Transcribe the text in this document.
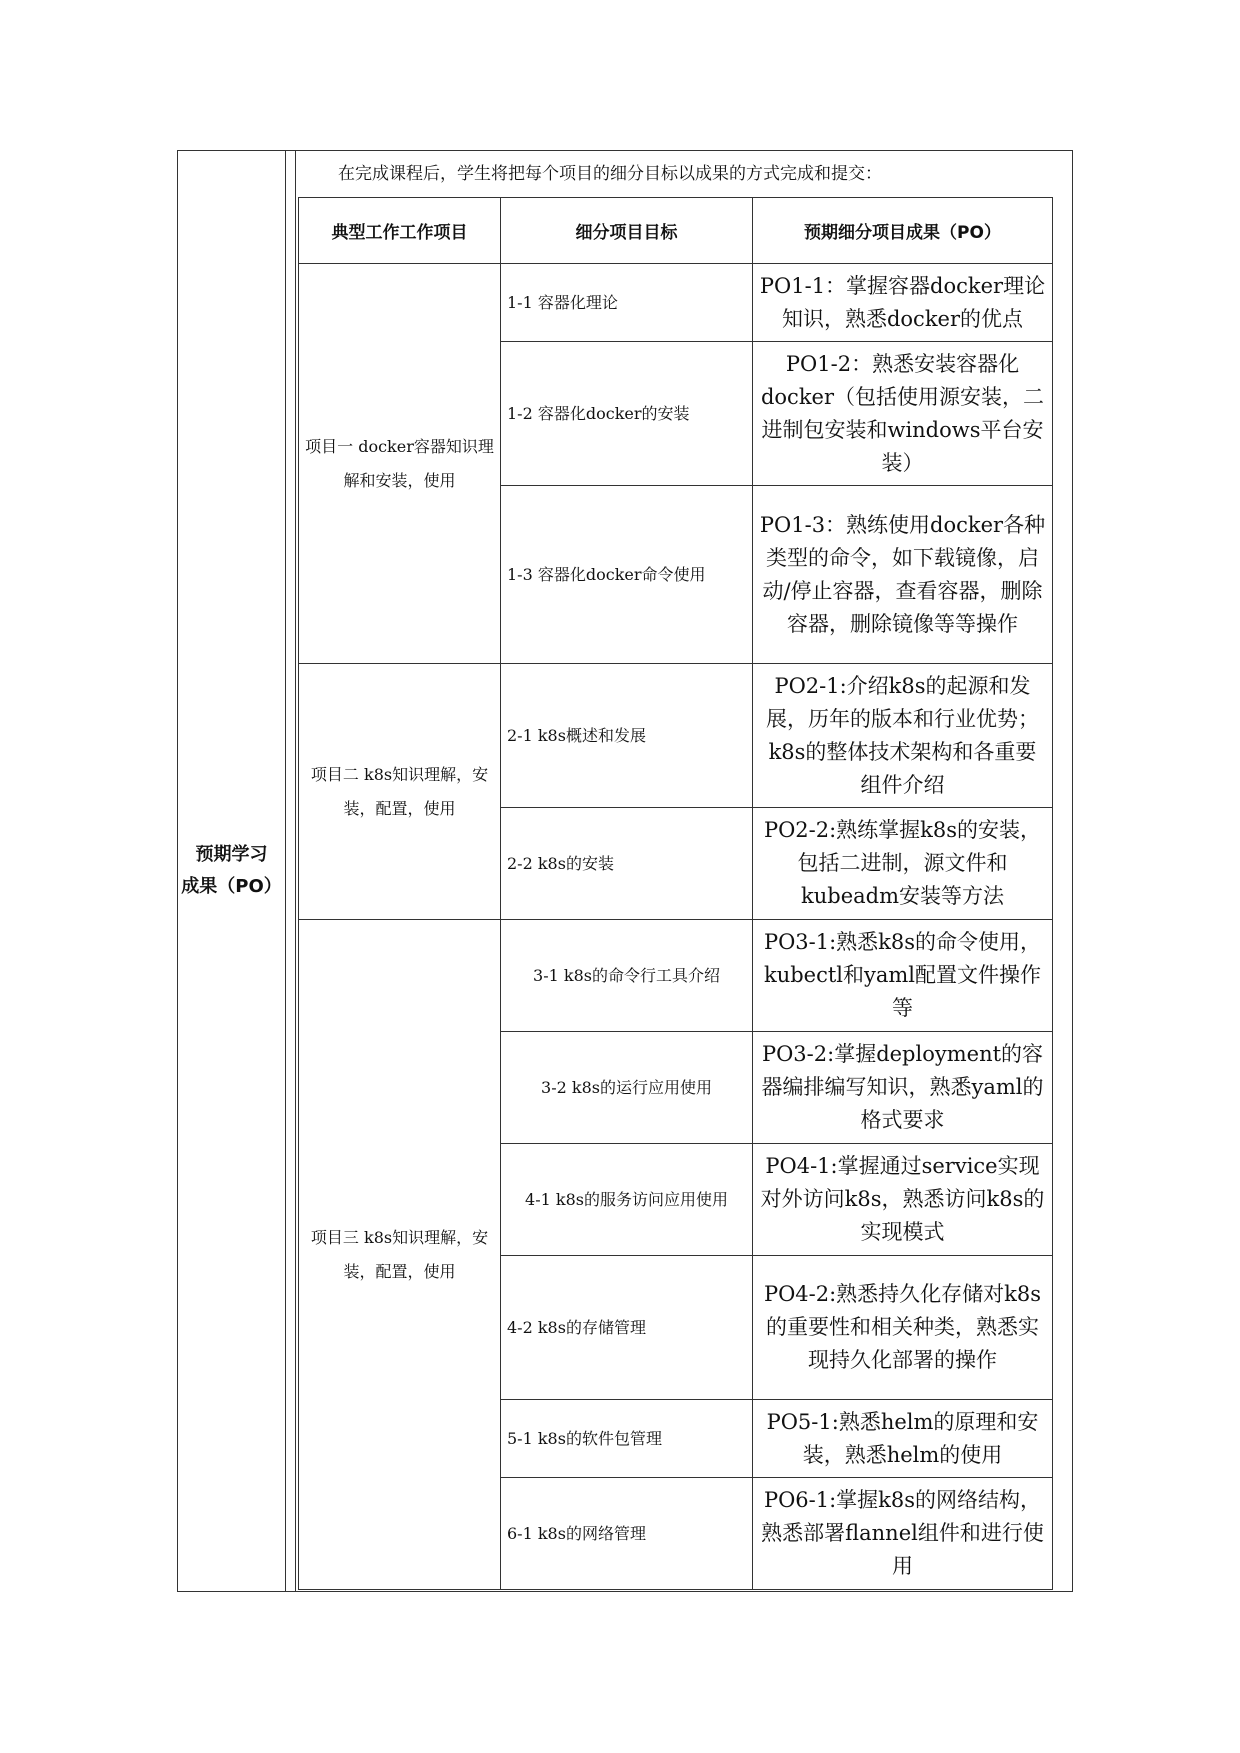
预期学习
成果（PO）
在完成课程后，学生将把每个项目的细分目标以成果的方式完成和提交：
典型工作工作项目	细分项目目标	预期细分项目成果（PO）
项目一 docker容器知识理解和安装，使用	1-1 容器化理论	PO1-1：掌握容器docker理论知识，熟悉docker的优点
	1-2 容器化docker的安装	PO1-2：熟悉安装容器化docker（包括使用源安装，二进制包安装和windows平台安装）
	1-3 容器化docker命令使用	PO1-3：熟练使用docker各种类型的命令，如下载镜像，启动/停止容器，查看容器，删除容器，删除镜像等等操作
项目二 k8s知识理解，安装，配置，使用	2-1 k8s概述和发展	PO2-1:介绍k8s的起源和发展，历年的版本和行业优势；k8s的整体技术架构和各重要组件介绍
	2-2 k8s的安装	PO2-2:熟练掌握k8s的安装，包括二进制，源文件和kubeadm安装等方法
项目三 k8s知识理解，安装，配置，使用	3-1 k8s的命令行工具介绍	PO3-1:熟悉k8s的命令使用，kubectl和yaml配置文件操作等
	3-2 k8s的运行应用使用	PO3-2:掌握deployment的容器编排编写知识，熟悉yaml的格式要求
	4-1 k8s的服务访问应用使用	PO4-1:掌握通过service实现对外访问k8s，熟悉访问k8s的实现模式
	4-2 k8s的存储管理	PO4-2:熟悉持久化存储对k8s的重要性和相关种类，熟悉实现持久化部署的操作
	5-1 k8s的软件包管理	PO5-1:熟悉helm的原理和安装，熟悉helm的使用
	6-1 k8s的网络管理	PO6-1:掌握k8s的网络结构，熟悉部署flannel组件和进行使用
